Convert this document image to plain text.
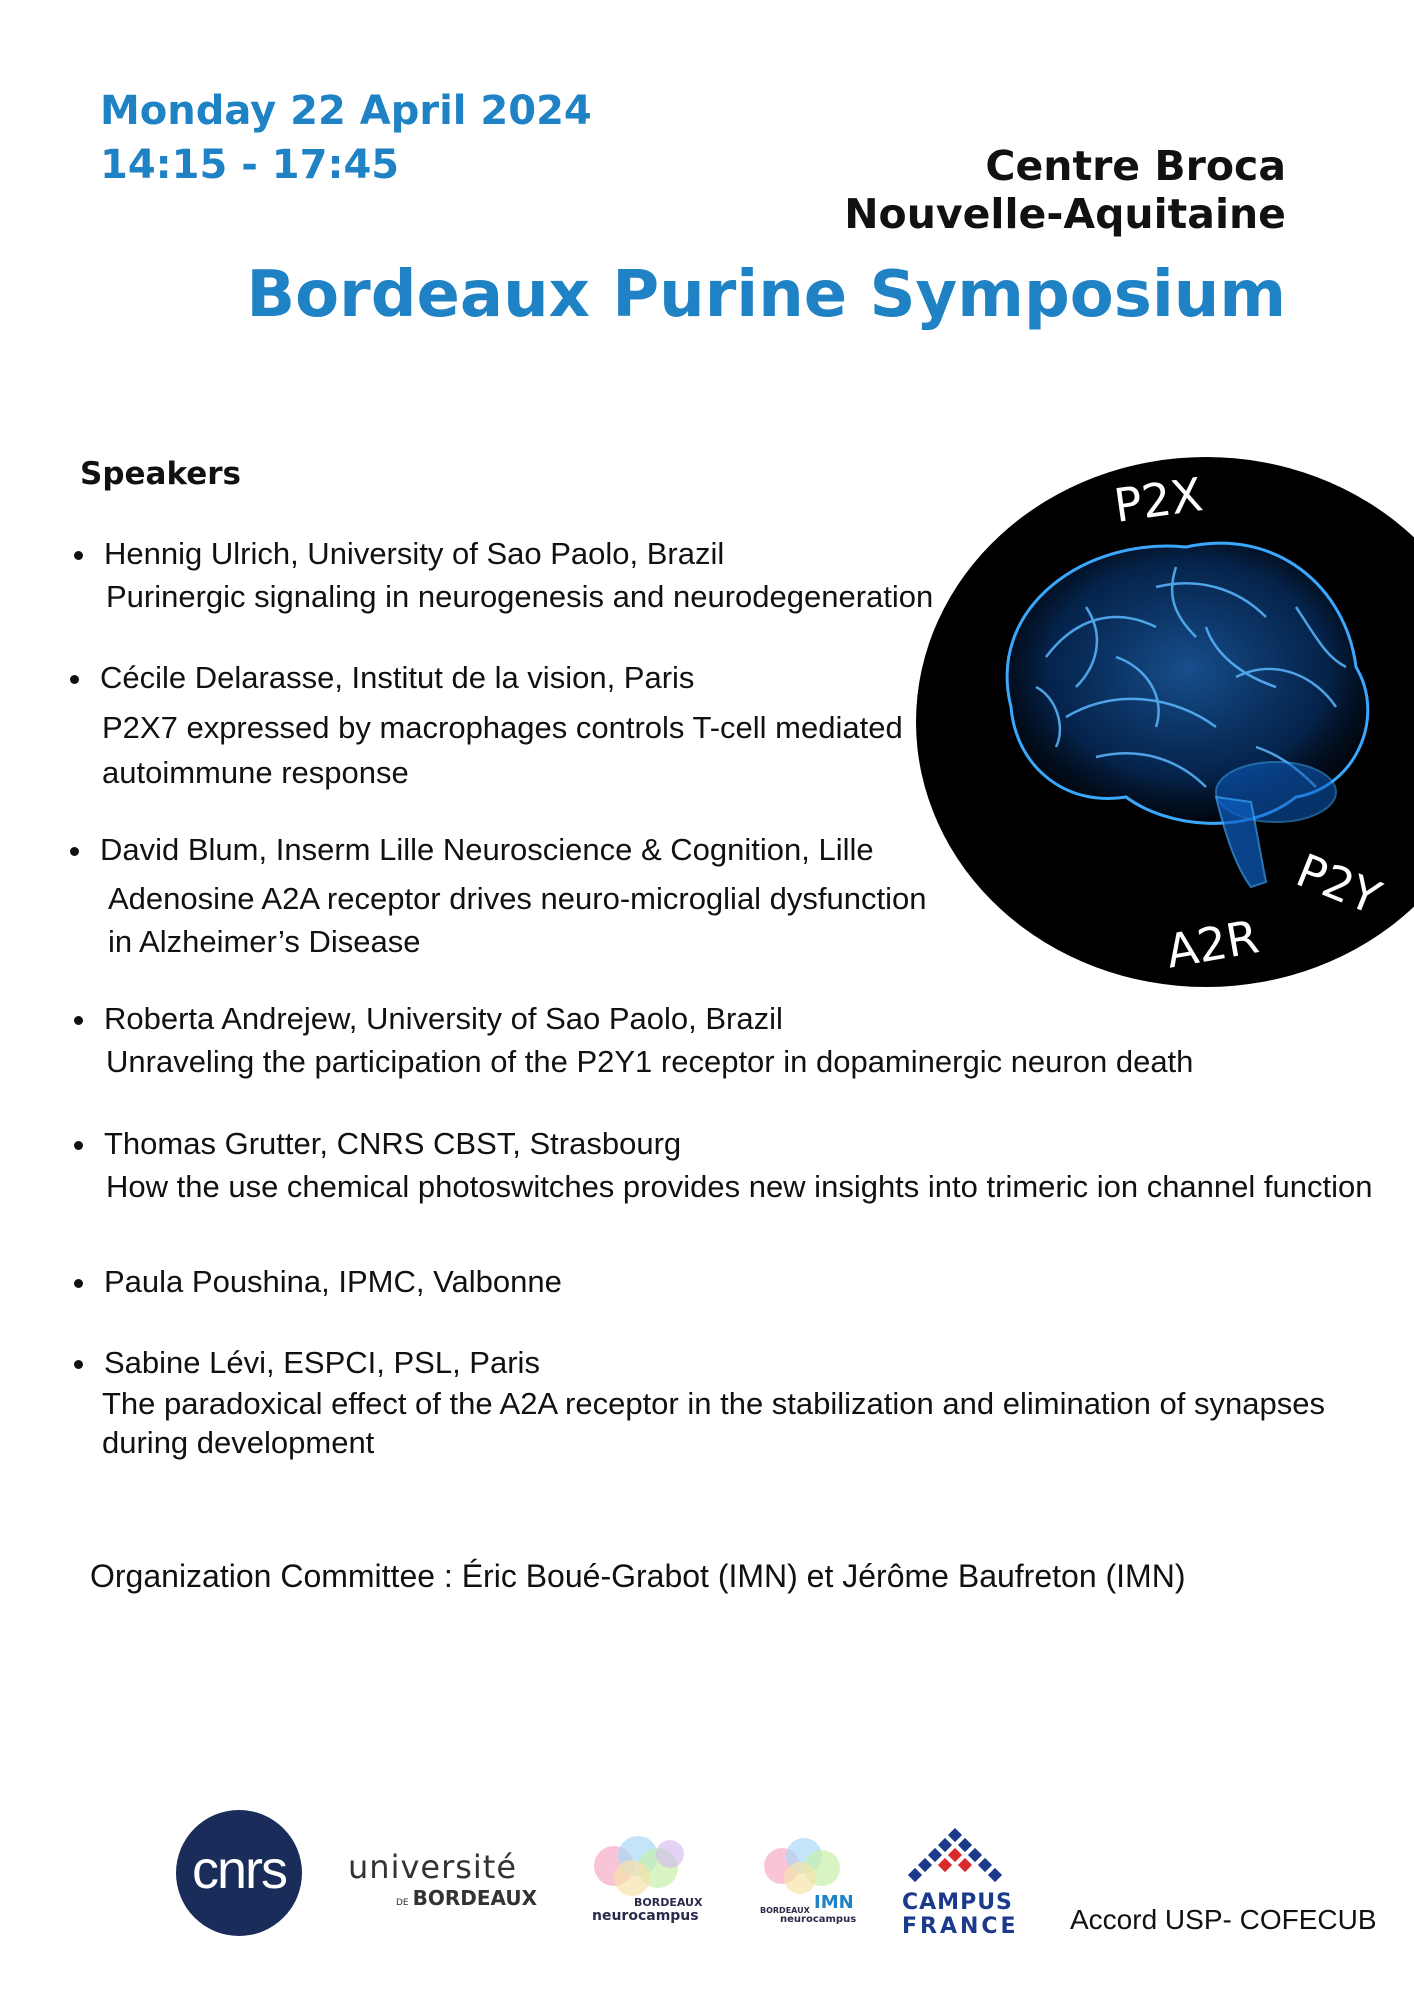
Monday 22 April 2024
14:15 - 17:45	Centre Broca
Nouvelle-Aquitaine
Bordeaux Purine Symposium
P2X
P2Y
A2R
Speakers
Hennig Ulrich, University of Sao Paolo, Brazil
Purinergic signaling in neurogenesis and neurodegeneration
Cécile Delarasse, Institut de la vision, Paris
P2X7 expressed by macrophages controls T-cell mediated
autoimmune response
David Blum, Inserm Lille Neuroscience & Cognition, Lille
Adenosine A2A receptor drives neuro-microglial dysfunction
in Alzheimer’s Disease
Roberta Andrejew, University of Sao Paolo, Brazil
Unraveling the participation of the P2Y1 receptor in dopaminergic neuron death
Thomas Grutter, CNRS CBST, Strasbourg
How the use chemical photoswitches provides new insights into trimeric ion channel function
Paula Poushina, IPMC, Valbonne
Sabine Lévi, ESPCI, PSL, Paris
The paradoxical effect of the A2A receptor in the stabilization and elimination of synapses
during development
Organization Committee : Éric Boué-Grabot (IMN) et Jérôme Baufreton (IMN)
cnrs	université
DE BORDEAUX	BORDEAUX
neurocampus	BORDEAUX IMN
neurocampus
CAMPUS
FRANCE Accord USP- COFECUB
